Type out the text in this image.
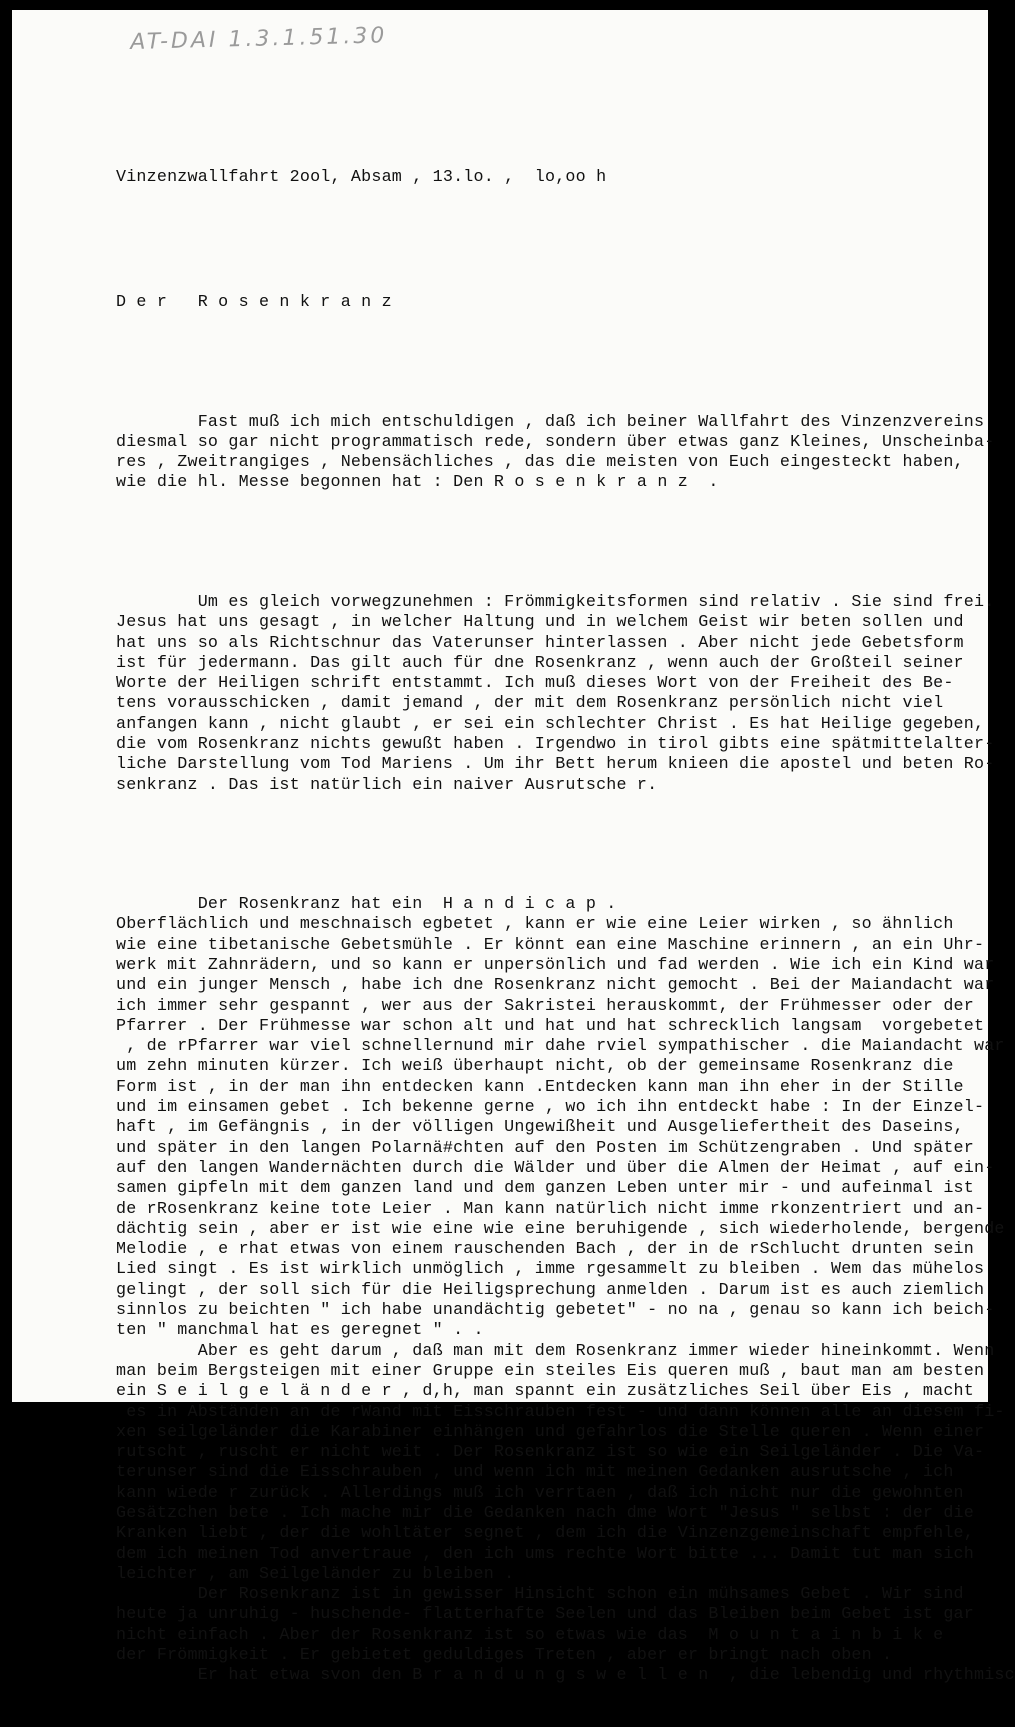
AT-DAI 1.3.1.51.30

Vinzenzwallfahrt 2ool, Absam , 13.lo. ,  lo,oo h

D e r   R o s e n k r a n z

Fast muß ich mich entschuldigen , daß ich beiner Wallfahrt des Vinzenzvereins
diesmal so gar nicht programmatisch rede, sondern über etwas ganz Kleines, Unscheinba-
res , Zweitrangiges , Nebensächliches , das die meisten von Euch eingesteckt haben,
wie die hl. Messe begonnen hat : Den R o s e n k r a n z  .

Um es gleich vorwegzunehmen : Frömmigkeitsformen sind relativ . Sie sind frei.
Jesus hat uns gesagt , in welcher Haltung und in welchem Geist wir beten sollen und
hat uns so als Richtschnur das Vaterunser hinterlassen . Aber nicht jede Gebetsform
ist für jedermann. Das gilt auch für dne Rosenkranz , wenn auch der Großteil seiner
Worte der Heiligen schrift entstammt. Ich muß dieses Wort von der Freiheit des Be-
tens vorausschicken , damit jemand , der mit dem Rosenkranz persönlich nicht viel
anfangen kann , nicht glaubt , er sei ein schlechter Christ . Es hat Heilige gegeben,
die vom Rosenkranz nichts gewußt haben . Irgendwo in tirol gibts eine spätmittelalter-
liche Darstellung vom Tod Mariens . Um ihr Bett herum knieen die apostel und beten Ro-
senkranz . Das ist natürlich ein naiver Ausrutsche r.

Der Rosenkranz hat ein  H a n d i c a p .
Oberflächlich und meschnaisch egbetet , kann er wie eine Leier wirken , so ähnlich
wie eine tibetanische Gebetsmühle . Er könnt ean eine Maschine erinnern , an ein Uhr-
werk mit Zahnrädern, und so kann er unpersönlich und fad werden . Wie ich ein Kind war
und ein junger Mensch , habe ich dne Rosenkranz nicht gemocht . Bei der Maiandacht war
ich immer sehr gespannt , wer aus der Sakristei herauskommt, der Frühmesser oder der
Pfarrer . Der Frühmesse war schon alt und hat und hat schrecklich langsam  vorgebetet
, de rPfarrer war viel schnellernund mir dahe rviel sympathischer . die Maiandacht war
um zehn minuten kürzer. Ich weiß überhaupt nicht, ob der gemeinsame Rosenkranz die
Form ist , in der man ihn entdecken kann .Entdecken kann man ihn eher in der Stille
und im einsamen gebet . Ich bekenne gerne , wo ich ihn entdeckt habe : In der Einzel-
haft , im Gefängnis , in der völligen Ungewißheit und Ausgeliefertheit des Daseins,
und später in den langen Polarnä#chten auf den Posten im Schützengraben . Und später
auf den langen Wandernächten durch die Wälder und über die Almen der Heimat , auf ein-
samen gipfeln mit dem ganzen land und dem ganzen Leben unter mir - und aufeinmal ist
de rRosenkranz keine tote Leier . Man kann natürlich nicht imme rkonzentriert und an-
dächtig sein , aber er ist wie eine wie eine beruhigende , sich wiederholende, bergende
Melodie , e rhat etwas von einem rauschenden Bach , der in de rSchlucht drunten sein
Lied singt . Es ist wirklich unmöglich , imme rgesammelt zu bleiben . Wem das mühelos
gelingt , der soll sich für die Heiligsprechung anmelden . Darum ist es auch ziemlich
sinnlos zu beichten " ich habe unandächtig gebetet" - no na , genau so kann ich beich-
ten " manchmal hat es geregnet " . .
Aber es geht darum , daß man mit dem Rosenkranz immer wieder hineinkommt. Wenn
man beim Bergsteigen mit einer Gruppe ein steiles Eis queren muß , baut man am besten
ein S e i l g e l ä n d e r , d,h, man spannt ein zusätzliches Seil über Eis , macht
es in Abständen an de rWand mit Eisschrauben fest - und dann können alle an diesem fi-
xen seilgeländer die Karabiner einhängen und gefahrlos die Stelle queren . Wenn einer
rutscht , ruscht er nicht weit . Der Rosenkranz ist so wie ein Seilgeländer . Die Va-
terunser sind die Eisschrauben , und wenn ich mit meinen Gedanken ausrutsche , ich
kann wiede r zurück . Allerdings muß ich verrtaen , daß ich nicht nur die gewohnten
Gesätzchen bete . Ich mache mir die Gedanken nach dme Wort "Jesus " selbst : der die
Kranken liebt , der die wohltäter segnet , dem ich die Vinzenzgemeinschaft empfehle,
dem ich meinen Tod anvertraue , den ich ums rechte Wort bitte ... Damit tut man sich
leichter , am Seilgeländer zu bleiben .
Der Rosenkranz ist in gewisser Hinsicht schon ein mühsames Gebet . Wir sind
heute ja unruhig - huschende- flatterhafte Seelen und das Bleiben beim Gebet ist gar
nicht einfach . Aber der Rosenkranz ist so etwas wie das  M o u n t a i n b i k e
der Frömmigkeit . Er gebietet geduldiges Treten , aber er bringt nach oben .
Er hat etwa svon den B r a n d u n g s w e l l e n  , die lebendig und rhythmisc
